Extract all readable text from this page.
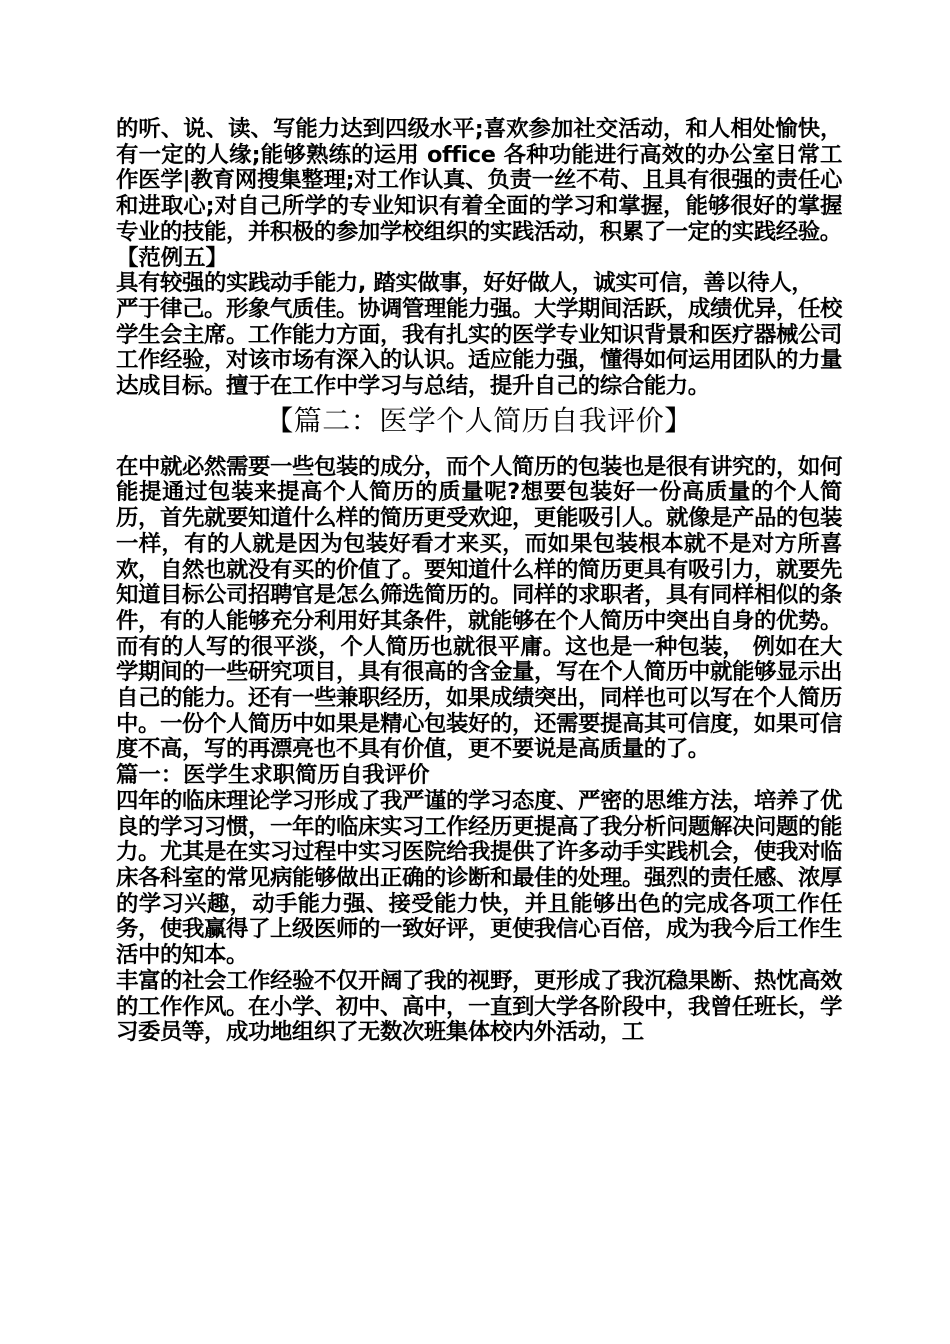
的听、说、读、写能力达到四级水平;喜欢参加社交活动，和人相处愉快，有一定的人缘;能够熟练的运用 office 各种功能进行高效的办公室日常工作医学|教育网搜集整理;对工作认真、负责一丝不苟、且具有很强的责任心和进取心;对自己所学的专业知识有着全面的学习和掌握，能够很好的掌握专业的技能，并积极的参加学校组织的实践活动，积累了一定的实践经验。

【范例五】

具有较强的实践动手能力, 踏实做事，好好做人，诚实可信，善以待人，

严于律己。形象气质佳。协调管理能力强。大学期间活跃，成绩优异，任校学生会主席。工作能力方面，我有扎实的医学专业知识背景和医疗器械公司工作经验，对该市场有深入的认识。适应能力强，懂得如何运用团队的力量达成目标。擅于在工作中学习与总结，提升自己的综合能力。

【篇二：医学个人简历自我评价】

在中就必然需要一些包装的成分，而个人简历的包装也是很有讲究的，如何能提通过包装来提高个人简历的质量呢?想要包装好一份高质量的个人简历，首先就要知道什么样的简历更受欢迎，更能吸引人。就像是产品的包装一样，有的人就是因为包装好看才来买，而如果包装根本就不是对方所喜欢，自然也就没有买的价值了。要知道什么样的简历更具有吸引力，就要先知道目标公司招聘官是怎么筛选简历的。同样的求职者，具有同样相似的条件，有的人能够充分利用好其条件，就能够在个人简历中突出自身的优势。而有的人写的很平淡，个人简历也就很平庸。这也是一种包装， 例如在大学期间的一些研究项目，具有很高的含金量，写在个人简历中就能够显示出自己的能力。还有一些兼职经历，如果成绩突出，同样也可以写在个人简历中。一份个人简历中如果是精心包装好的，还需要提高其可信度，如果可信度不高，写的再漂亮也不具有价值，更不要说是高质量的了。

篇一：医学生求职简历自我评价

四年的临床理论学习形成了我严谨的学习态度、严密的思维方法，培养了优良的学习习惯，一年的临床实习工作经历更提高了我分析问题解决问题的能力。尤其是在实习过程中实习医院给我提供了许多动手实践机会，使我对临床各科室的常见病能够做出正确的诊断和最佳的处理。强烈的责任感、浓厚的学习兴趣，动手能力强、接受能力快，并且能够出色的完成各项工作任务，使我赢得了上级医师的一致好评，更使我信心百倍，成为我今后工作生活中的知本。

丰富的社会工作经验不仅开阔了我的视野，更形成了我沉稳果断、热忱高效的工作作风。在小学、初中、高中，一直到大学各阶段中，我曾任班长，学习委员等，成功地组织了无数次班集体校内外活动，工
